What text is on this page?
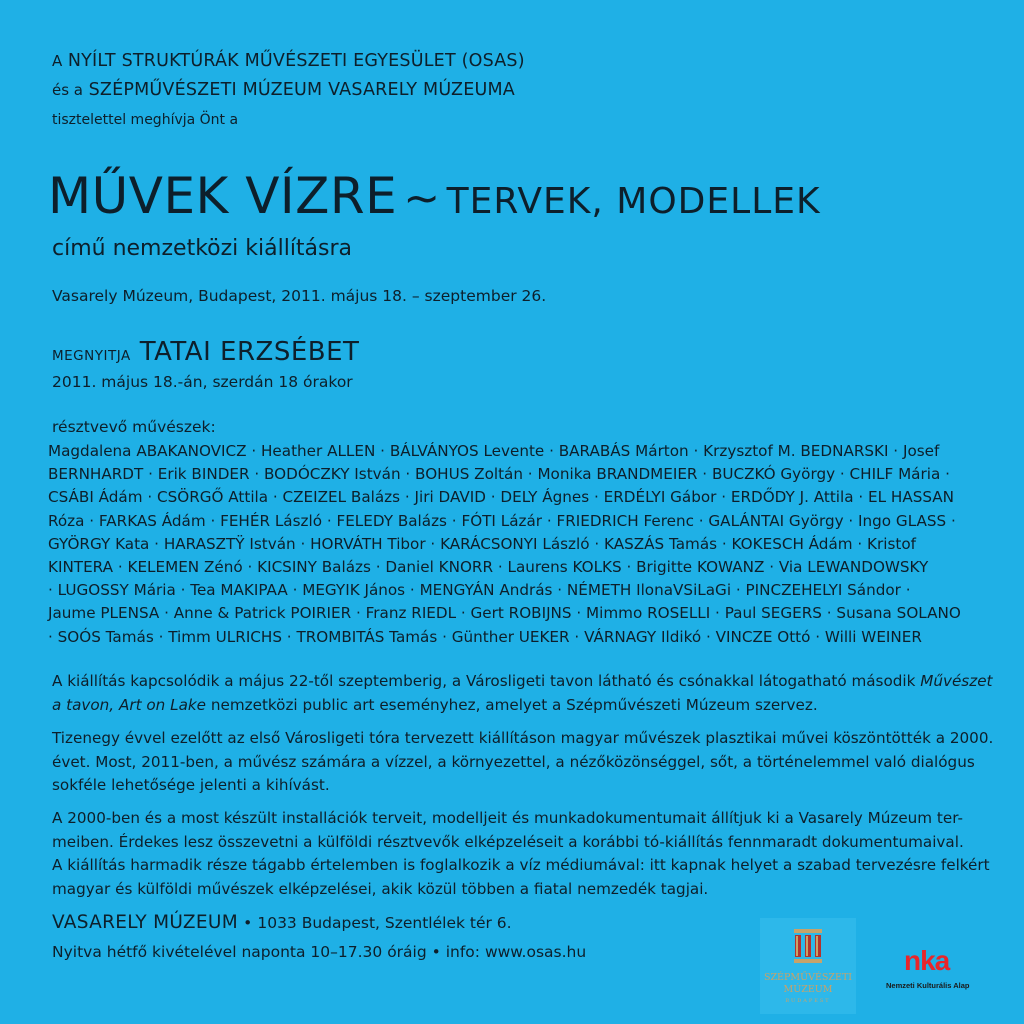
A NYÍLT STRUKTÚRÁK MŰVÉSZETI EGYESÜLET (OSAS)
és a SZÉPMŰVÉSZETI MÚZEUM VASARELY MÚZEUMA
tisztelettel meghívja Önt a
MŰVEK VÍZRE ~ TERVEK, MODELLEK
című nemzetközi kiállításra
Vasarely Múzeum, Budapest, 2011. május 18. – szeptember 26.
MEGNYITJA TATAI ERZSÉBET
2011. május 18.-án, szerdán 18 órakor
résztvevő művészek:
Magdalena ABAKANOVICZ · Heather ALLEN · BÁLVÁNYOS Levente · BARABÁS Márton · Krzysztof M. BEDNARSKI · Josef
BERNHARDT · Erik BINDER · BODÓCZKY István · BOHUS Zoltán · Monika BRANDMEIER · BUCZKÓ György · CHILF Mária ·
CSÁBI Ádám · CSÖRGŐ Attila · CZEIZEL Balázs · Jiri DAVID · DELY Ágnes · ERDÉLYI Gábor · ERDŐDY J. Attila · EL HASSAN
Róza · FARKAS Ádám · FEHÉR László · FELEDY Balázs · FÓTI Lázár · FRIEDRICH Ferenc · GALÁNTAI György · Ingo GLASS ·
GYÖRGY Kata · HARASZTŸ István · HORVÁTH Tibor · KARÁCSONYI László · KASZÁS Tamás · KOKESCH Ádám · Kristof
KINTERA · KELEMEN Zénó · KICSINY Balázs · Daniel KNORR · Laurens KOLKS · Brigitte KOWANZ · Via LEWANDOWSKY
· LUGOSSY Mária · Tea MAKIPAA · MEGYIK János · MENGYÁN András · NÉMETH IlonaVSiLaGi · PINCZEHELYI Sándor ·
Jaume PLENSA · Anne & Patrick POIRIER · Franz RIEDL · Gert ROBIJNS · Mimmo ROSELLI · Paul SEGERS · Susana SOLANO
· SOÓS Tamás · Timm ULRICHS · TROMBITÁS Tamás · Günther UEKER · VÁRNAGY Ildikó · VINCZE Ottó · Willi WEINER
A kiállítás kapcsolódik a május 22-től szeptemberig, a Városligeti tavon látható és csónakkal látogatható második Művészet
a tavon, Art on Lake nemzetközi public art eseményhez, amelyet a Szépművészeti Múzeum szervez.
Tizenegy évvel ezelőtt az első Városligeti tóra tervezett kiállításon magyar művészek plasztikai művei köszöntötték a 2000.
évet. Most, 2011-ben, a művész számára a vízzel, a környezettel, a nézőközönséggel, sőt, a történelemmel való dialógus
sokféle lehetősége jelenti a kihívást.
A 2000-ben és a most készült installációk terveit, modelljeit és munkadokumentumait állítjuk ki a Vasarely Múzeum ter-
meiben. Érdekes lesz összevetni a külföldi résztvevők elképzeléseit a korábbi tó-kiállítás fennmaradt dokumentumaival.
A kiállítás harmadik része tágabb értelemben is foglalkozik a víz médiumával: itt kapnak helyet a szabad tervezésre felkért
magyar és külföldi művészek elképzelései, akik közül többen a fiatal nemzedék tagjai.
VASARELY MÚZEUM • 1033 Budapest, Szentlélek tér 6.
Nyitva hétfő kivételével naponta 10–17.30 óráig • info: www.osas.hu
SZÉPMŰVÉSZETI
MÚZEUM
BUDAPEST
nka
Nemzeti Kulturális Alap
